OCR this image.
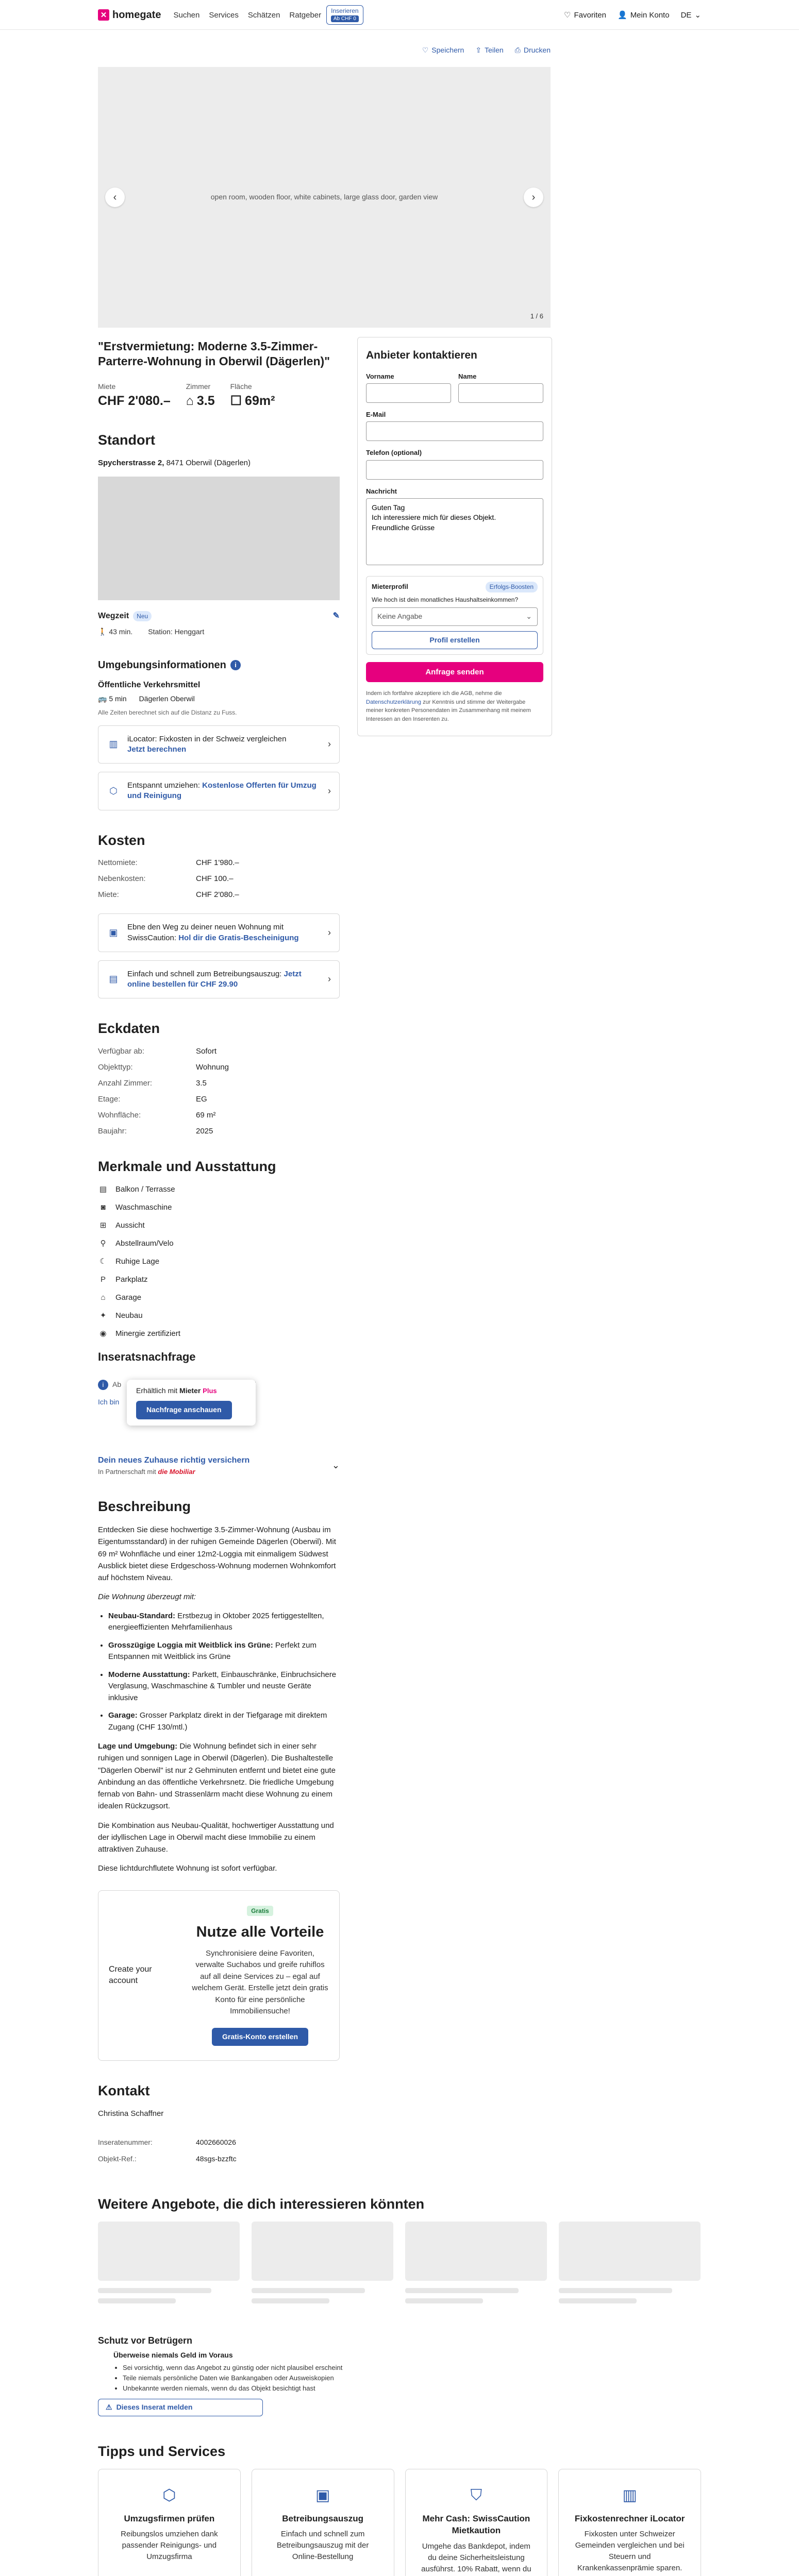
✕ homegate Suchen Services Schätzen Ratgeber	Inserieren
Ab CHF 0	♡ Favoriten 👤 Mein Konto DE ⌄
♡ Speichern ⇪ Teilen ⎙ Drucken
open room, wooden floor, white cabinets, large glass door, garden view
‹	›
1 / 6
"Erstvermietung: Moderne 3.5-Zimmer-Parterre-Wohnung in Oberwil (Dägerlen)"
Miete
CHF 2'080.–
Zimmer
⌂ 3.5
Fläche
☐ 69m²
Standort
Spycherstrasse 2, 8471 Oberwil (Dägerlen)
Wegzeit	Neu	✎
🚶 43 min. Station: Henggart
Umgebungsinformationen	i
Öffentliche Verkehrsmittel
🚌 5 min Dägerlen Oberwil
Alle Zeiten berechnet sich auf die Distanz zu Fuss.
▥
iLocator: Fixkosten in der Schweiz vergleichen
Jetzt berechnen
›
⬡
Entspannt umziehen: Kostenlose Offerten für Umzug und Reinigung
›
Kosten
Nettomiete:	CHF 1'980.–
Nebenkosten:	CHF 100.–
Miete:	CHF 2'080.–
▣
Ebne den Weg zu deiner neuen Wohnung mit SwissCaution: Hol dir die Gratis-Bescheinigung
›
▤
Einfach und schnell zum Betreibungsauszug: Jetzt online bestellen für CHF 29.90
›
Eckdaten
Verfügbar ab:	Sofort
Objekttyp:	Wohnung
Anzahl Zimmer:	3.5
Etage:	EG
Wohnfläche:	69 m²
Baujahr:	2025
Merkmale und Ausstattung
▤ Balkon / Terrasse
◙	Waschmaschine
⊞ Aussicht
⚲	Abstellraum/Velo
☾ Ruhige Lage
P	Parkplatz
⌂	Garage
✦ Neubau
◉ Minergie zertifiziert
Inseratsnachfrage
i	Ab
Ich bin
Erhältlich mit Mieter Plus
Nachfrage anschauen
Dein neues Zuhause richtig versichern
In Partnerschaft mit die Mobiliar
⌄
Beschreibung

Entdecken Sie diese hochwertige 3.5-Zimmer-Wohnung (Ausbau im Eigentumsstandard) in der ruhigen Gemeinde Dägerlen (Oberwil). Mit 69 m² Wohnfläche und einer 12m2-Loggia mit einmaligem Südwest Ausblick bietet diese Erdgeschoss-Wohnung modernen Wohnkomfort auf höchstem Niveau.

Die Wohnung überzeugt mit:

• Neubau-Standard: Erstbezug in Oktober 2025 fertiggestellten, energieeffizienten Mehrfamilienhaus
• Grosszügige Loggia mit Weitblick ins Grüne: Perfekt zum Entspannen mit Weitblick ins Grüne
• Moderne Ausstattung: Parkett, Einbauschränke, Einbruchsichere Verglasung, Waschmaschine & Tumbler und neuste Geräte inklusive
• Garage: Grosser Parkplatz direkt in der Tiefgarage mit direktem Zugang (CHF 130/mtl.)

Lage und Umgebung: Die Wohnung befindet sich in einer sehr ruhigen und sonnigen Lage in Oberwil (Dägerlen). Die Bushaltestelle "Dägerlen Oberwil" ist nur 2 Gehminuten entfernt und bietet eine gute Anbindung an das öffentliche Verkehrsnetz. Die friedliche Umgebung fernab von Bahn- und Strassenlärm macht diese Wohnung zu einem idealen Rückzugsort.

Die Kombination aus Neubau-Qualität, hochwertiger Ausstattung und der idyllischen Lage in Oberwil macht diese Immobilie zu einem attraktiven Zuhause.

Diese lichtdurchflutete Wohnung ist sofort verfügbar.

Create your account
Gratis
Nutze alle Vorteile

Synchronisiere deine Favoriten, verwalte Suchabos und greife ruhiflos auf all deine Services zu – egal auf welchem Gerät. Erstelle jetzt dein gratis Konto für eine persönliche Immobiliensuche!

Gratis-Konto erstellen
Kontakt
Christina Schaffner
Inseratenummer:	4002660026
Objekt-Ref.:	48sgs-bzzftc
Anbieter kontaktieren
Vorname	Name
E-Mail
Telefon (optional)
Nachricht
Guten Tag Ich interessiere mich für dieses Objekt. Freundliche Grüsse
Mieterprofil	Erfolgs-Boosten
Wie hoch ist dein monatliches Haushaltseinkommen?
Keine Angabe	⌄
Profil erstellen
Anfrage senden
Indem ich fortfahre akzeptiere ich die AGB, nehme die Datenschutzerklärung zur Kenntnis und stimme der Weitergabe meiner konkreten Personendaten im Zusammenhang mit meinem Interessen an den Inserenten zu.
Weitere Angebote, die dich interessieren könnten
Schutz vor Betrügern
Überweise niemals Geld im Voraus
• Sei vorsichtig, wenn das Angebot zu günstig oder nicht plausibel erscheint
• Teile niemals persönliche Daten wie Bankangaben oder Ausweiskopien
• Unbekannte werden niemals, wenn du das Objekt besichtigt hast
⚠ Dieses Inserat melden
Tipps und Services
⬡
Umzugsfirmen prüfen

Reibungslos umziehen dank passender Reinigungs- und Umzugsfirma

▣
Betreibungsauszug

Einfach und schnell zum Betreibungsauszug mit der Online-Bestellung

⛉
Mehr Cash: SwissCaution Mietkaution

Umgehe das Bankdepot, indem du deine Sicherheitsleistung ausführst. 10% Rabatt, wenn du

▥
Fixkostenrechner iLocator

Fixkosten unter Schweizer Gemeinden vergleichen und bei Steuern und Krankenkassenprämie sparen.
